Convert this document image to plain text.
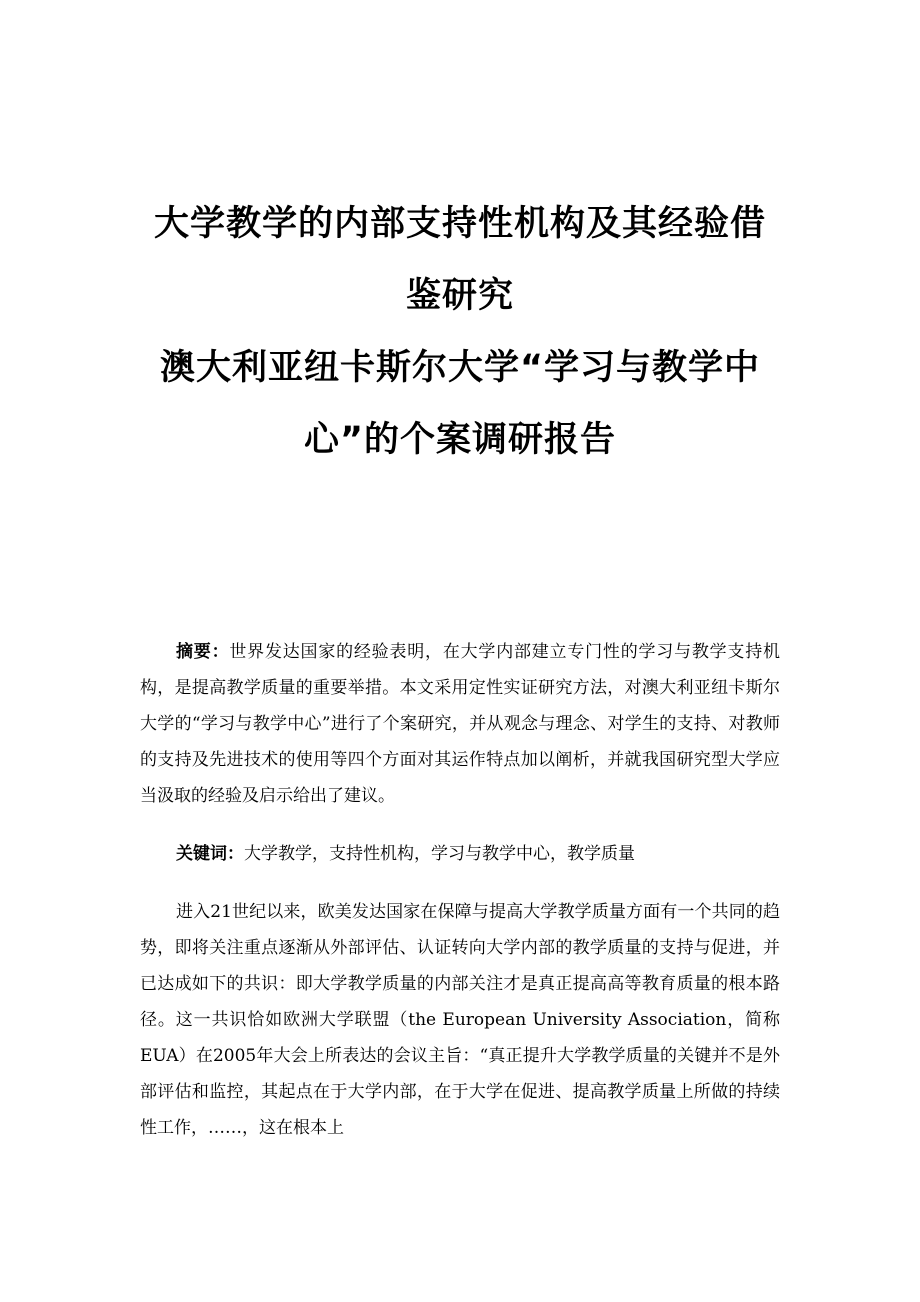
大学教学的内部支持性机构及其经验借

鉴研究

澳大利亚纽卡斯尔大学“学习与教学中

心”的个案调研报告

摘要：世界发达国家的经验表明，在大学内部建立专门性的学习与教学支持机构，是提高教学质量的重要举措。本文采用定性实证研究方法，对澳大利亚纽卡斯尔大学的“学习与教学中心”进行了个案研究，并从观念与理念、对学生的支持、对教师的支持及先进技术的使用等四个方面对其运作特点加以阐析，并就我国研究型大学应当汲取的经验及启示给出了建议。

关键词：大学教学，支持性机构，学习与教学中心，教学质量

进入21世纪以来，欧美发达国家在保障与提高大学教学质量方面有一个共同的趋势，即将关注重点逐渐从外部评估、认证转向大学内部的教学质量的支持与促进，并已达成如下的共识：即大学教学质量的内部关注才是真正提高高等教育质量的根本路径。这一共识恰如欧洲大学联盟（the European University Association，简称EUA）在2005年大会上所表达的会议主旨：“真正提升大学教学质量的关键并不是外部评估和监控，其起点在于大学内部，在于大学在促进、提高教学质量上所做的持续性工作，……，这在根本上
